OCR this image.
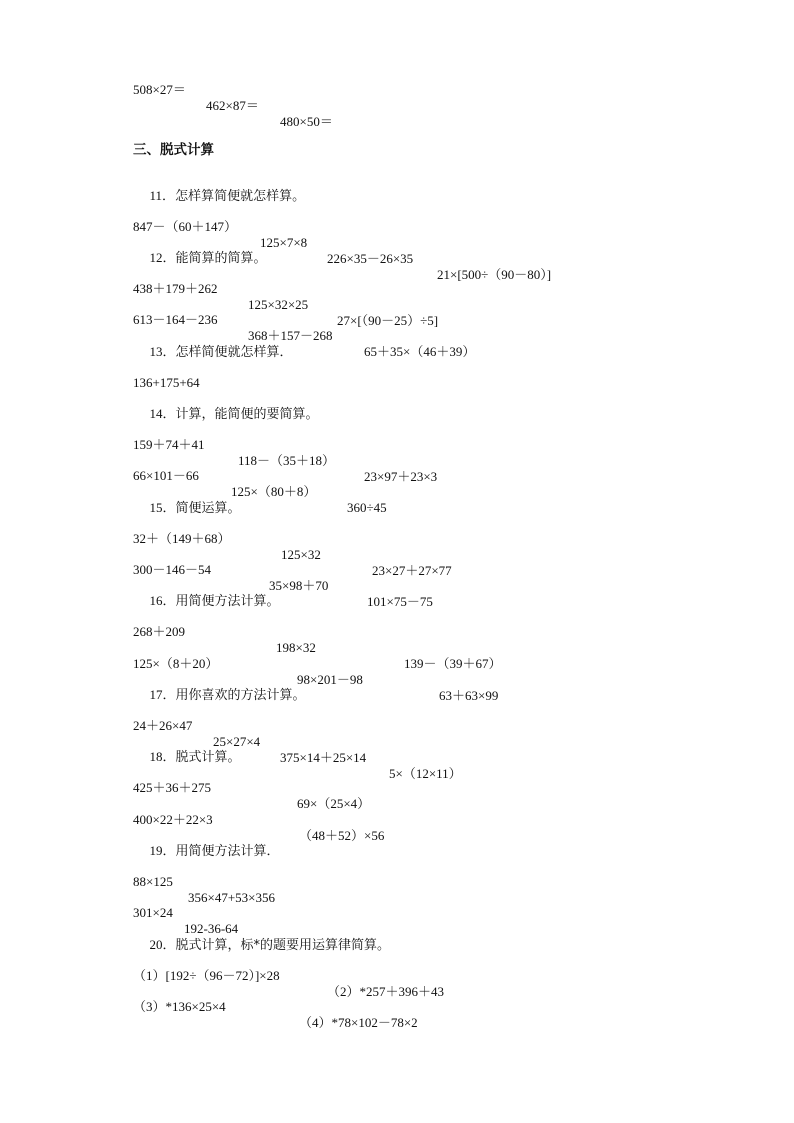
508×27＝

462×87＝

480×50＝

三、脱式计算

11．怎样算简便就怎样算。

847－（60＋147）

125×7×8

226×35－26×35

21×[500÷（90－80）]

12．能简算的简算。

438＋179＋262

125×32×25

27×[（90－25）÷5]

613－164－236

368＋157－268

65＋35×（46＋39）

13．怎样简便就怎样算．

136+175+64

14．计算，能简便的要简算。

159＋74＋41

118－（35＋18）

23×97＋23×3

66×101－66

125×（80＋8）

360÷45

15．简便运算。

32＋（149＋68）

125×32

23×27＋27×77

300－146－54

35×98＋70

101×75－75

16．用简便方法计算。

268＋209

198×32

139－（39＋67）

125×（8＋20）

98×201－98

63＋63×99

17．用你喜欢的方法计算。

24＋26×47

25×27×4

375×14＋25×14

5×（12×11）

18．脱式计算。

425＋36＋275

69×（25×4）

400×22＋22×3

（48＋52）×56

19．用简便方法计算．

88×125

356×47+53×356

301×24

192-36-64

20．脱式计算，标*的题要用运算律简算。

（1）[192÷（96－72）]×28

（2）*257＋396＋43

（3）*136×25×4

（4）*78×102－78×2
